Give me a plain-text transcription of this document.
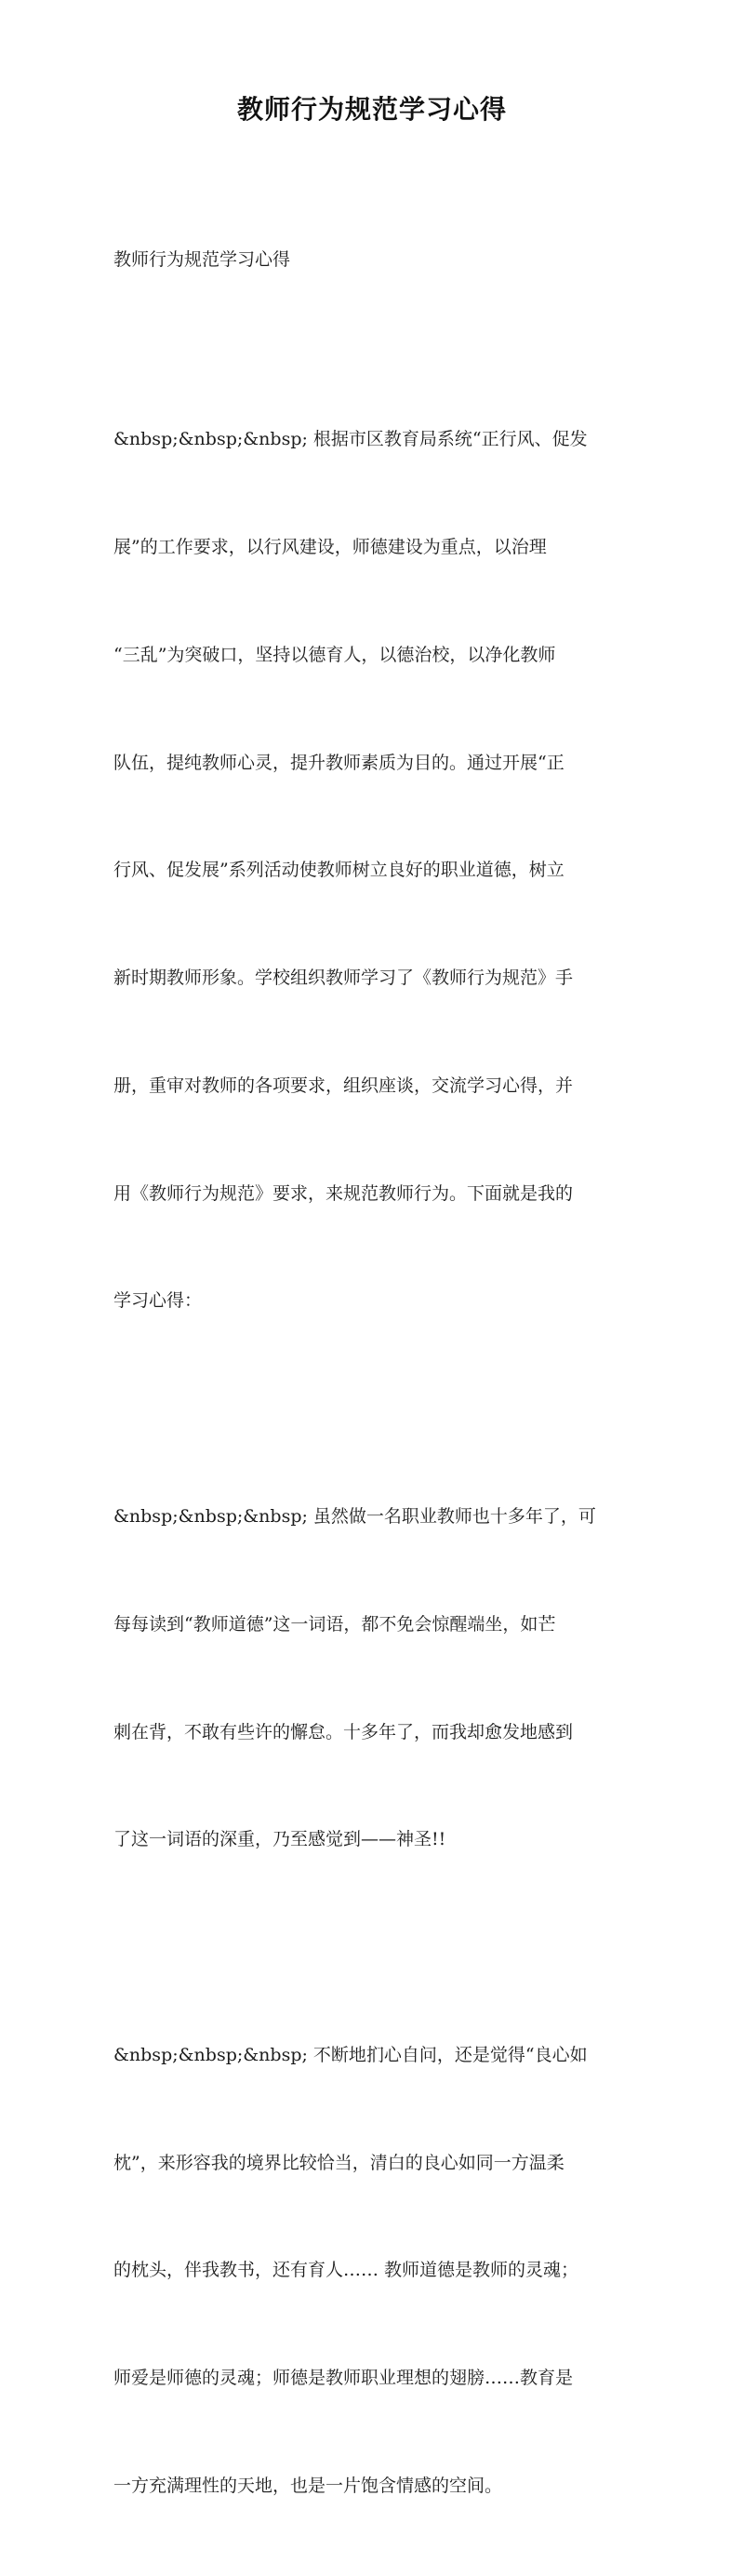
教师行为规范学习心得

教师行为规范学习心得

&nbsp;&nbsp;&nbsp; 根据市区教育局系统“正行风、促发

展”的工作要求，以行风建设，师德建设为重点，以治理

“三乱”为突破口，坚持以德育人，以德治校，以净化教师

队伍，提纯教师心灵，提升教师素质为目的。通过开展“正

行风、促发展”系列活动使教师树立良好的职业道德，树立

新时期教师形象。学校组织教师学习了《教师行为规范》手

册，重审对教师的各项要求，组织座谈，交流学习心得，并

用《教师行为规范》要求，来规范教师行为。下面就是我的

学习心得：

&nbsp;&nbsp;&nbsp; 虽然做一名职业教师也十多年了，可

每每读到“教师道德”这一词语，都不免会惊醒端坐，如芒

刺在背，不敢有些许的懈怠。十多年了，而我却愈发地感到

了这一词语的深重，乃至感觉到——神圣!!

&nbsp;&nbsp;&nbsp; 不断地扪心自问，还是觉得“良心如

枕”，来形容我的境界比较恰当，清白的良心如同一方温柔

的枕头，伴我教书，还有育人…… 教师道德是教师的灵魂；

师爱是师德的灵魂；师德是教师职业理想的翅膀……教育是

一方充满理性的天地，也是一片饱含情感的空间。
